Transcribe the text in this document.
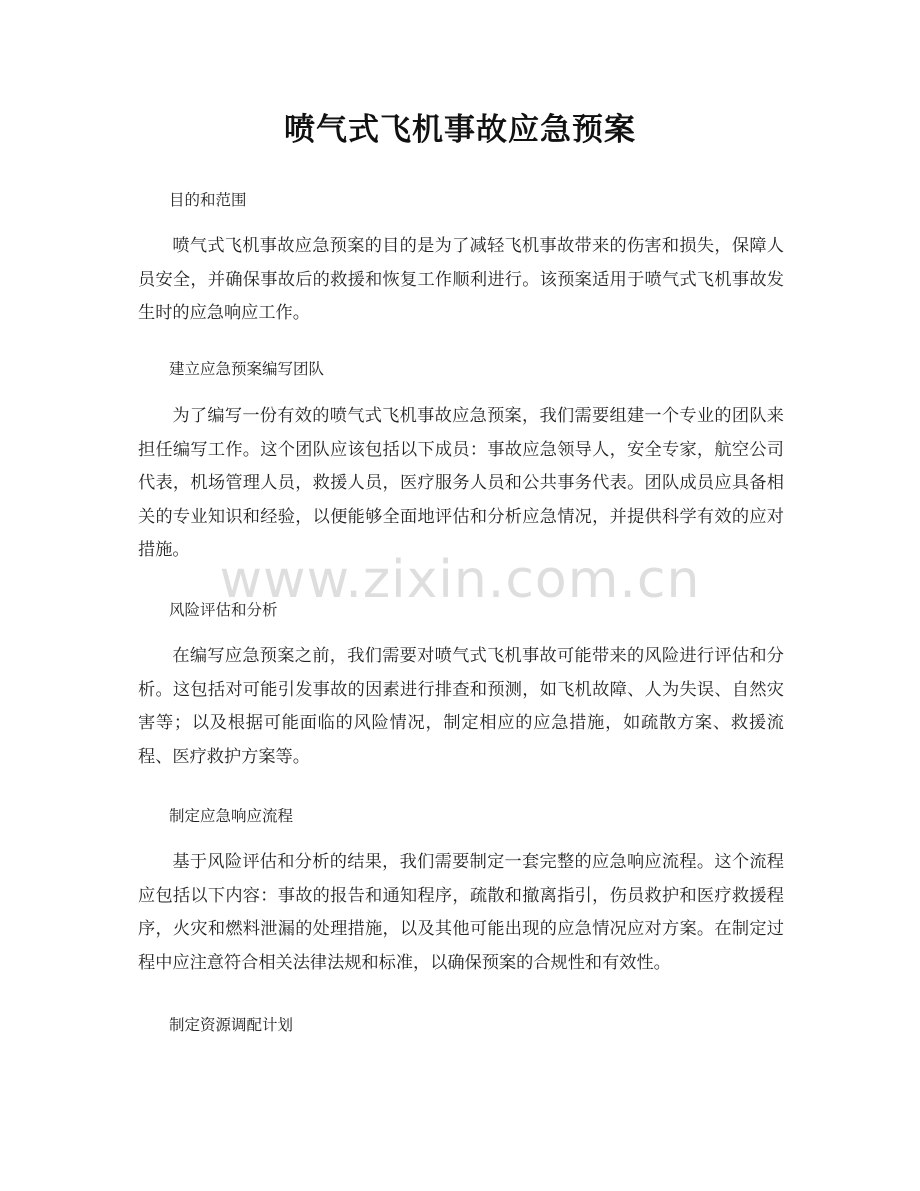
喷气式飞机事故应急预案
目的和范围
喷气式飞机事故应急预案的目的是为了减轻飞机事故带来的伤害和损失，保障人员安全，并确保事故后的救援和恢复工作顺利进行。该预案适用于喷气式飞机事故发生时的应急响应工作。
建立应急预案编写团队
为了编写一份有效的喷气式飞机事故应急预案，我们需要组建一个专业的团队来担任编写工作。这个团队应该包括以下成员：事故应急领导人，安全专家，航空公司代表，机场管理人员，救援人员，医疗服务人员和公共事务代表。团队成员应具备相关的专业知识和经验，以便能够全面地评估和分析应急情况，并提供科学有效的应对措施。
风险评估和分析
在编写应急预案之前，我们需要对喷气式飞机事故可能带来的风险进行评估和分析。这包括对可能引发事故的因素进行排查和预测，如飞机故障、人为失误、自然灾害等；以及根据可能面临的风险情况，制定相应的应急措施，如疏散方案、救援流程、医疗救护方案等。
制定应急响应流程
基于风险评估和分析的结果，我们需要制定一套完整的应急响应流程。这个流程应包括以下内容：事故的报告和通知程序，疏散和撤离指引，伤员救护和医疗救援程序，火灾和燃料泄漏的处理措施，以及其他可能出现的应急情况应对方案。在制定过程中应注意符合相关法律法规和标准，以确保预案的合规性和有效性。
制定资源调配计划
www.zixin.com.cn
